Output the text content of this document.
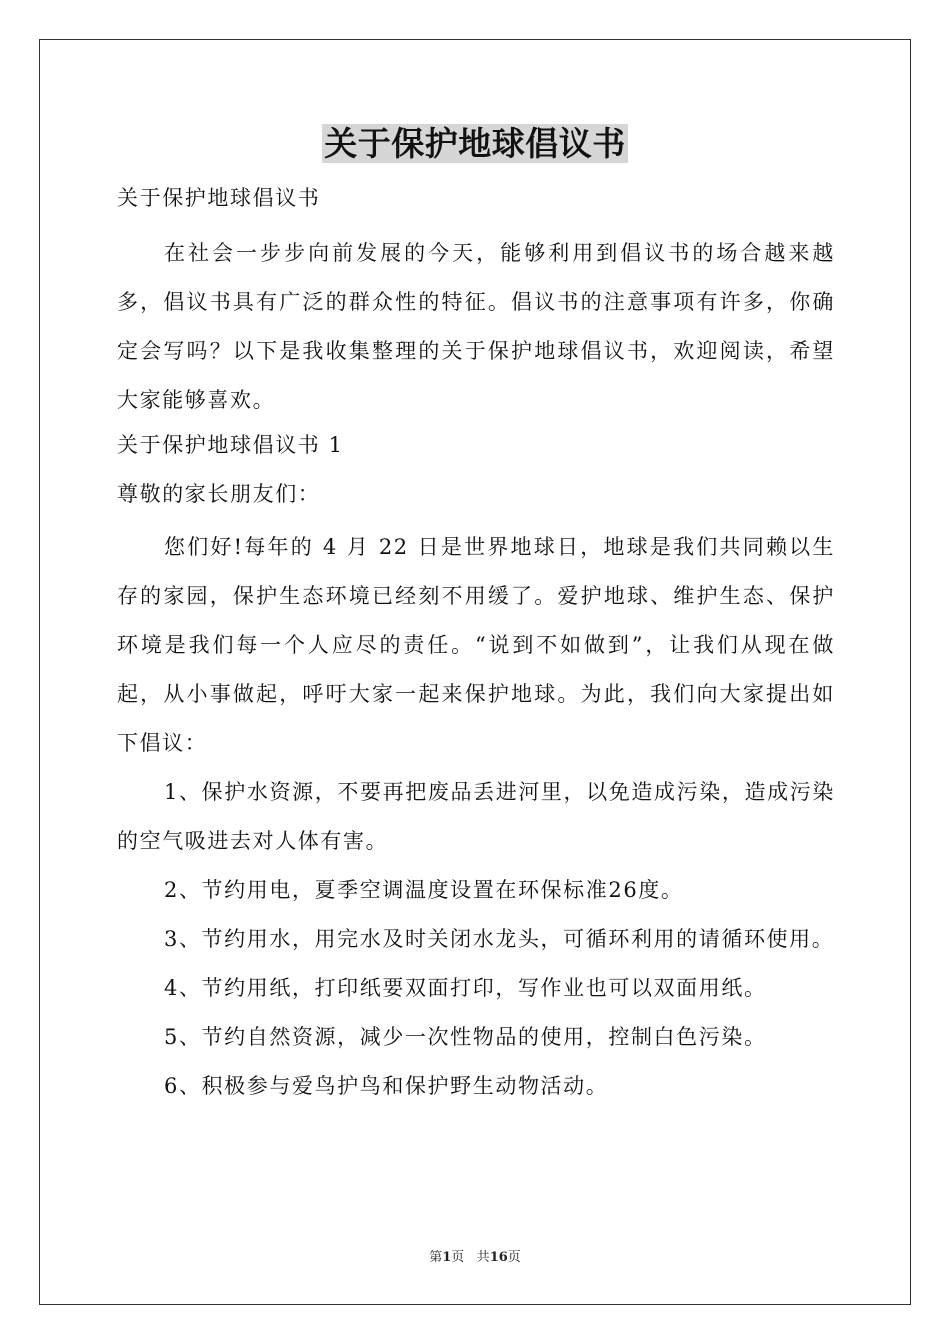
关于保护地球倡议书

关于保护地球倡议书

在社会一步步向前发展的今天，能够利用到倡议书的场合越来越多，倡议书具有广泛的群众性的特征。倡议书的注意事项有许多，你确定会写吗？以下是我收集整理的关于保护地球倡议书，欢迎阅读，希望大家能够喜欢。

关于保护地球倡议书 1

尊敬的家长朋友们：

您们好!每年的 4 月 22 日是世界地球日，地球是我们共同赖以生存的家园，保护生态环境已经刻不用缓了。爱护地球、维护生态、保护环境是我们每一个人应尽的责任。“说到不如做到”，让我们从现在做起，从小事做起，呼吁大家一起来保护地球。为此，我们向大家提出如下倡议：

1、保护水资源，不要再把废品丢进河里，以免造成污染，造成污染的空气吸进去对人体有害。

2、节约用电，夏季空调温度设置在环保标准26度。

3、节约用水，用完水及时关闭水龙头，可循环利用的请循环使用。

4、节约用纸，打印纸要双面打印，写作业也可以双面用纸。

5、节约自然资源，减少一次性物品的使用，控制白色污染。

6、积极参与爱鸟护鸟和保护野生动物活动。

第1页 共16页
